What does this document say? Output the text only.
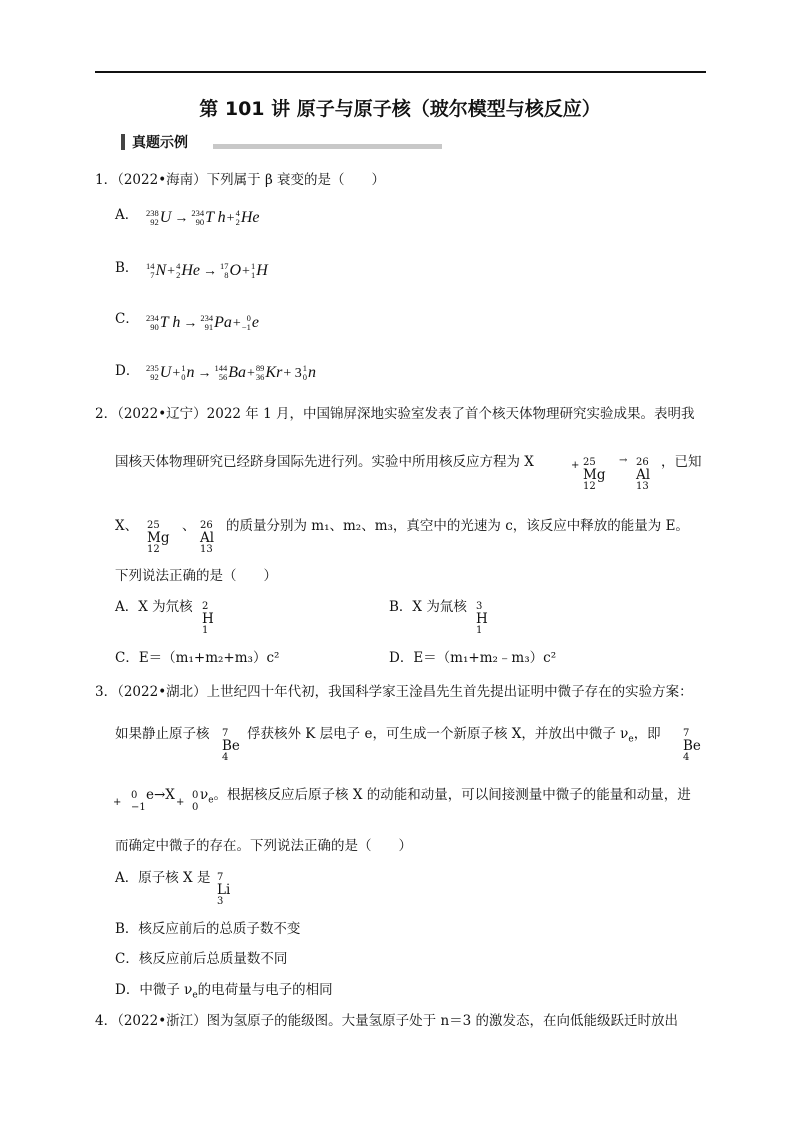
第 101 讲 原子与原子核（玻尔模型与核反应）
真题示例
1．（2022•海南）下列属于 β 衰变的是（　　）
A． 238
92 U → 234
90 T h+ 4
2 He
B． 14
7 N+ 4
2 He → 17
8 O+ 1
1 H
C． 234
90 T h → 234
91 Pa+ 0
−1 e
D． 235
92 U+ 1
0 n → 144
56 Ba+ 89
36 Kr+ 3 1
0 n
2．（2022•辽宁）2022 年 1 月，中国锦屏深地实验室发表了首个核天体物理研究实验成果。表明我
国核天体物理研究已经跻身国际先进行列。实验中所用核反应方程为 X	+ 25
Mg
12
→ 26
Al
13
，已知
X、 25
Mg
12
、 26
Al
13
的质量分别为 m₁、m₂、m₃，真空中的光速为 c，该反应中释放的能量为 E。
下列说法正确的是（　　）
A．X 为氘核 2
H
1
B．X 为氚核 3
H
1
C．E＝（m₁+m₂+m₃）c²	D．E＝（m₁+m₂﹣m₃）c²
3．（2022•湖北）上世纪四十年代初，我国科学家王淦昌先生首先提出证明中微子存在的实验方案：
如果静止原子核 7
Be
4
俘获核外 K 层电子 e，可生成一个新原子核 X，并放出中微子 $\nu_e$，即 7
Be
4
+
0
−1
e→X +
0
0
$\nu_e$。根据核反应后原子核 X 的动能和动量，可以间接测量中微子的能量和动量，进
而确定中微子的存在。下列说法正确的是（　　）
A．原子核 X 是 7
Li
3
B．核反应前后的总质子数不变
C．核反应前后总质量数不同
D．中微子 $\nu_e$的电荷量与电子的相同
4．（2022•浙江）图为氢原子的能级图。大量氢原子处于 n＝3 的激发态，在向低能级跃迁时放出
